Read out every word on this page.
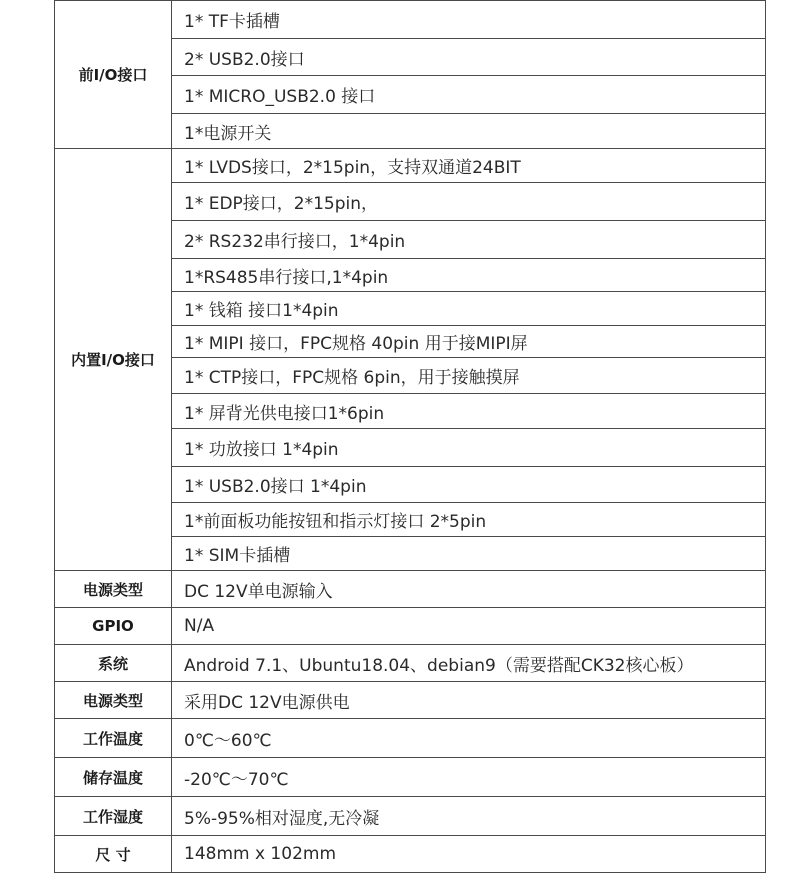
前I/O接口	1* TF卡插槽
	2* USB2.0接口
	1* MICRO_USB2.0 接口
	1*电源开关
内置I/O接口	1* LVDS接口，2*15pin，支持双通道24BIT
	1* EDP接口，2*15pin，
	2* RS232串行接口，1*4pin
	1*RS485串行接口,1*4pin
	1* 钱箱 接口1*4pin
	1* MIPI 接口，FPC规格 40pin 用于接MIPI屏
	1* CTP接口，FPC规格 6pin，用于接触摸屏
	1* 屏背光供电接口1*6pin
	1* 功放接口 1*4pin
	1* USB2.0接口 1*4pin
	1*前面板功能按钮和指示灯接口 2*5pin
	1* SIM卡插槽
电源类型	DC 12V单电源输入
GPIO	N/A
系统	Android 7.1、Ubuntu18.04、debian9（需要搭配CK32核心板）
电源类型	采用DC 12V电源供电
工作温度	0℃～60℃
储存温度	-20℃～70℃
工作湿度	5%-95%相对湿度,无冷凝
尺 寸	148mm x 102mm
